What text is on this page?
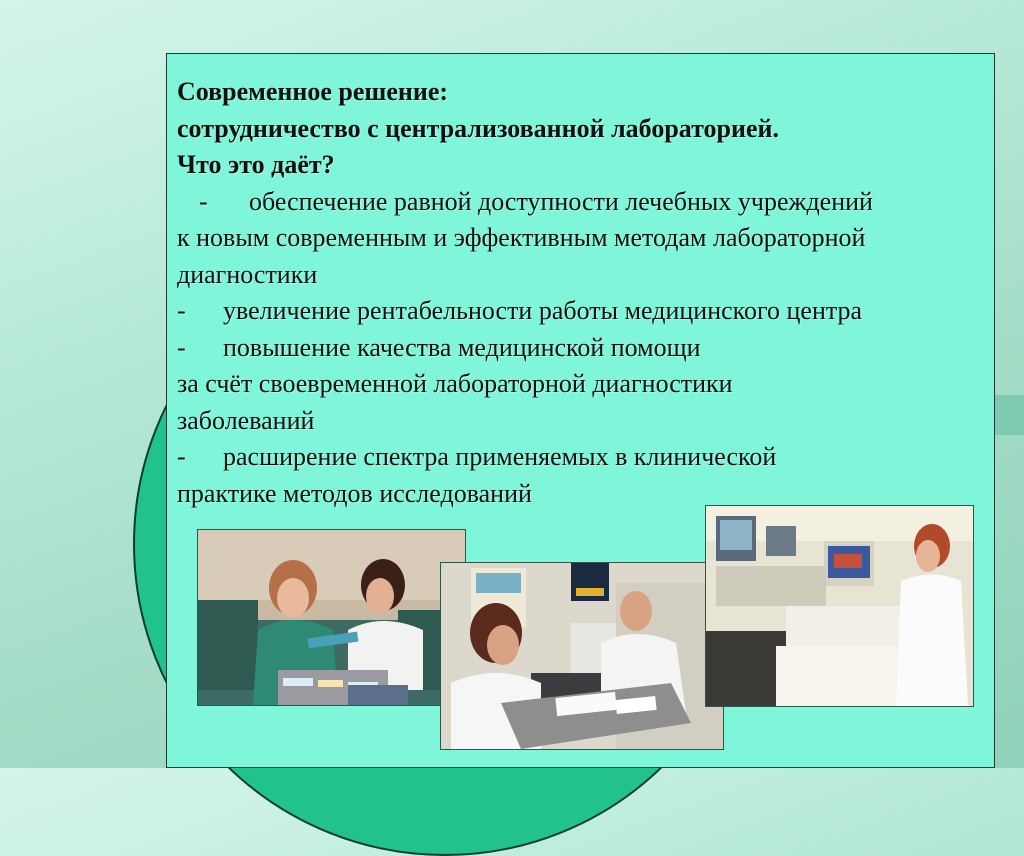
Современное решение:
сотрудничество с централизованной лабораторией.
Что это даёт?
- обеспечение равной доступности лечебных учреждений
к новым современным и эффективным методам лабораторной
диагностики
- увеличение рентабельности работы медицинского центра
- повышение качества медицинской помощи
за счёт своевременной лабораторной диагностики
заболеваний
- расширение спектра применяемых в клинической
практике методов исследований
